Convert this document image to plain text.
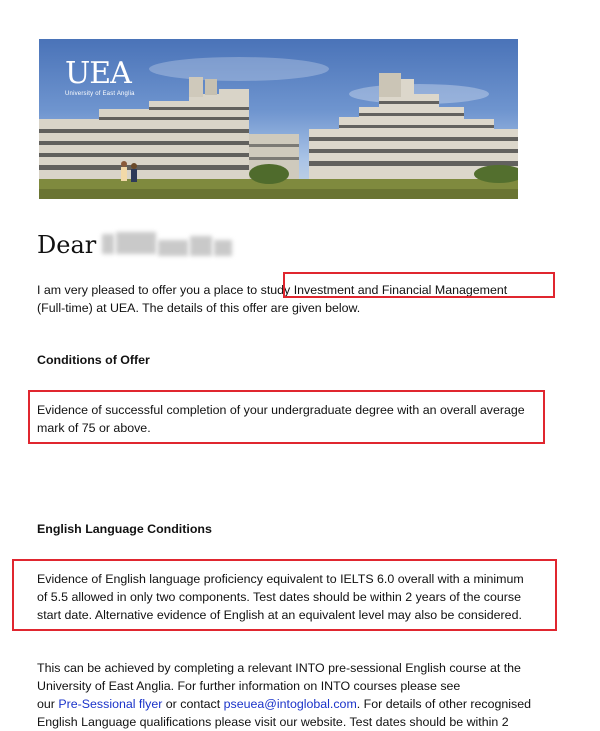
UEA
University of East Anglia
Dear
I am very pleased to offer you a place to study Investment and Financial Management
(Full-time) at UEA. The details of this offer are given below.
Conditions of Offer
Evidence of successful completion of your undergraduate degree with an overall average
mark of 75 or above.
English Language Conditions
Evidence of English language proficiency equivalent to IELTS 6.0 overall with a minimum
of 5.5 allowed in only two components. Test dates should be within 2 years of the course
start date. Alternative evidence of English at an equivalent level may also be considered.
This can be achieved by completing a relevant INTO pre-sessional English course at the
University of East Anglia. For further information on INTO courses please see
our Pre-Sessional flyer or contact pseuea@intoglobal.com. For details of other recognised
English Language qualifications please visit our website. Test dates should be within 2
